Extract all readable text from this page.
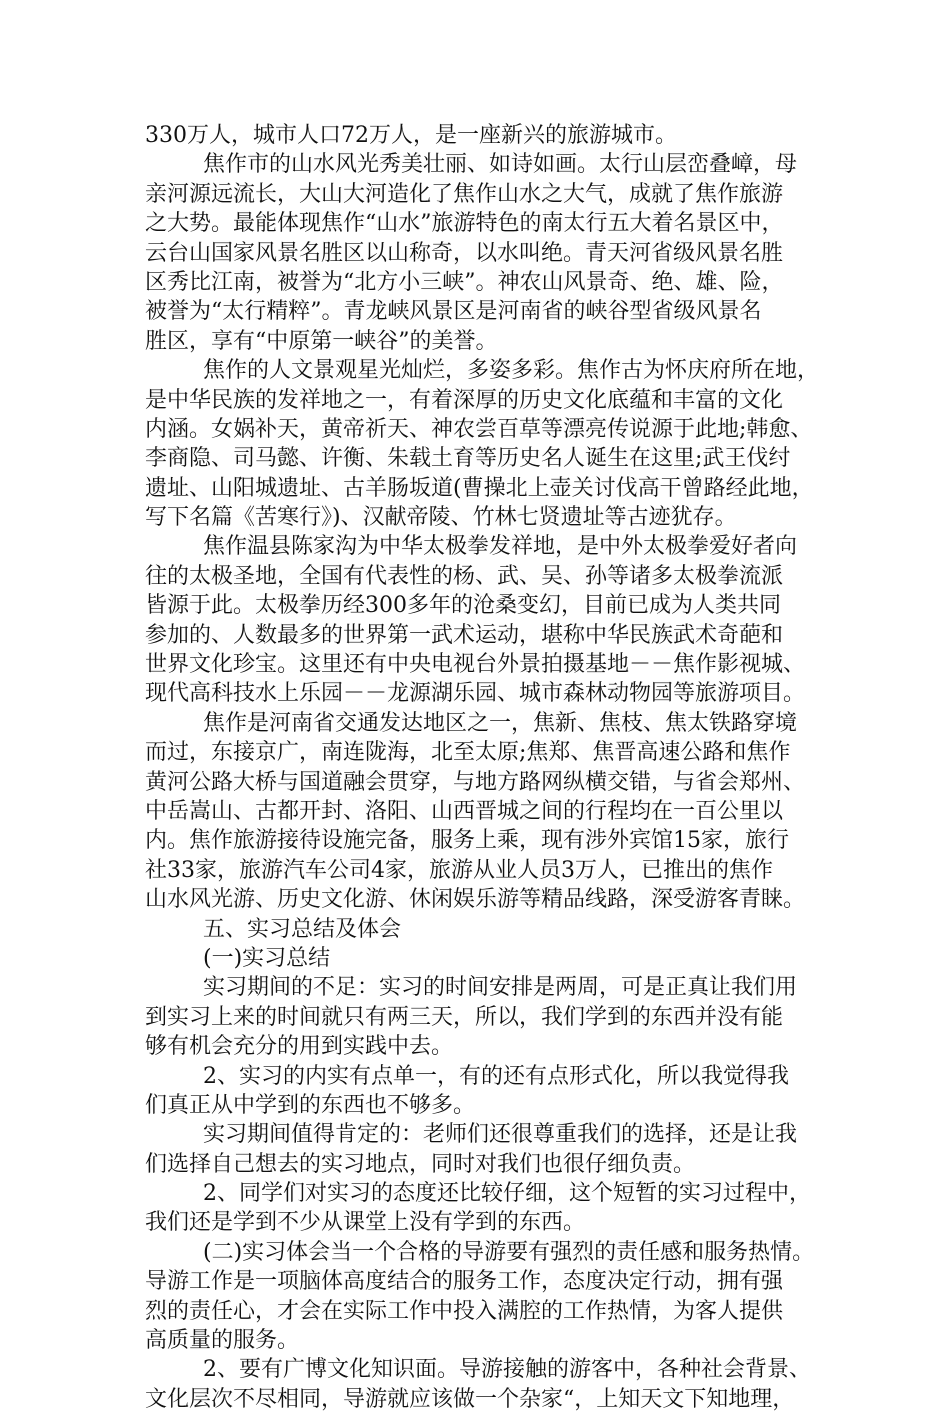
330万人，城市人口72万人，是一座新兴的旅游城市。
焦作市的山水风光秀美壮丽、如诗如画。太行山层峦叠嶂，母
亲河源远流长，大山大河造化了焦作山水之大气，成就了焦作旅游
之大势。最能体现焦作“山水”旅游特色的南太行五大着名景区中，
云台山国家风景名胜区以山称奇，以水叫绝。青天河省级风景名胜
区秀比江南，被誉为“北方小三峡”。神农山风景奇、绝、雄、险，
被誉为“太行精粹”。青龙峡风景区是河南省的峡谷型省级风景名
胜区，享有“中原第一峡谷”的美誉。
焦作的人文景观星光灿烂，多姿多彩。焦作古为怀庆府所在地，
是中华民族的发祥地之一，有着深厚的历史文化底蕴和丰富的文化
内涵。女娲补天，黄帝祈天、神农尝百草等漂亮传说源于此地;韩愈、
李商隐、司马懿、许衡、朱载土育等历史名人诞生在这里;武王伐纣
遗址、山阳城遗址、古羊肠坂道(曹操北上壶关讨伐高干曾路经此地，
写下名篇《苦寒行》)、汉献帝陵、竹林七贤遗址等古迹犹存。
焦作温县陈家沟为中华太极拳发祥地，是中外太极拳爱好者向
往的太极圣地，全国有代表性的杨、武、吴、孙等诸多太极拳流派
皆源于此。太极拳历经300多年的沧桑变幻，目前已成为人类共同
参加的、人数最多的世界第一武术运动，堪称中华民族武术奇葩和
世界文化珍宝。这里还有中央电视台外景拍摄基地－－焦作影视城、
现代高科技水上乐园－－龙源湖乐园、城市森林动物园等旅游项目。
焦作是河南省交通发达地区之一，焦新、焦枝、焦太铁路穿境
而过，东接京广，南连陇海，北至太原;焦郑、焦晋高速公路和焦作
黄河公路大桥与国道融会贯穿，与地方路网纵横交错，与省会郑州、
中岳嵩山、古都开封、洛阳、山西晋城之间的行程均在一百公里以
内。焦作旅游接待设施完备，服务上乘，现有涉外宾馆15家，旅行
社33家，旅游汽车公司4家，旅游从业人员3万人，已推出的焦作
山水风光游、历史文化游、休闲娱乐游等精品线路，深受游客青睐。
五、实习总结及体会
(一)实习总结
实习期间的不足：实习的时间安排是两周，可是正真让我们用
到实习上来的时间就只有两三天，所以，我们学到的东西并没有能
够有机会充分的用到实践中去。
2、实习的内实有点单一，有的还有点形式化，所以我觉得我
们真正从中学到的东西也不够多。
实习期间值得肯定的：老师们还很尊重我们的选择，还是让我
们选择自己想去的实习地点，同时对我们也很仔细负责。
2、同学们对实习的态度还比较仔细，这个短暂的实习过程中，
我们还是学到不少从课堂上没有学到的东西。
(二)实习体会当一个合格的导游要有强烈的责任感和服务热情。
导游工作是一项脑体高度结合的服务工作，态度决定行动，拥有强
烈的责任心，才会在实际工作中投入满腔的工作热情，为客人提供
高质量的服务。
2、要有广博文化知识面。导游接触的游客中，各种社会背景、
文化层次不尽相同，导游就应该做一个杂家“，上知天文下知地理，
